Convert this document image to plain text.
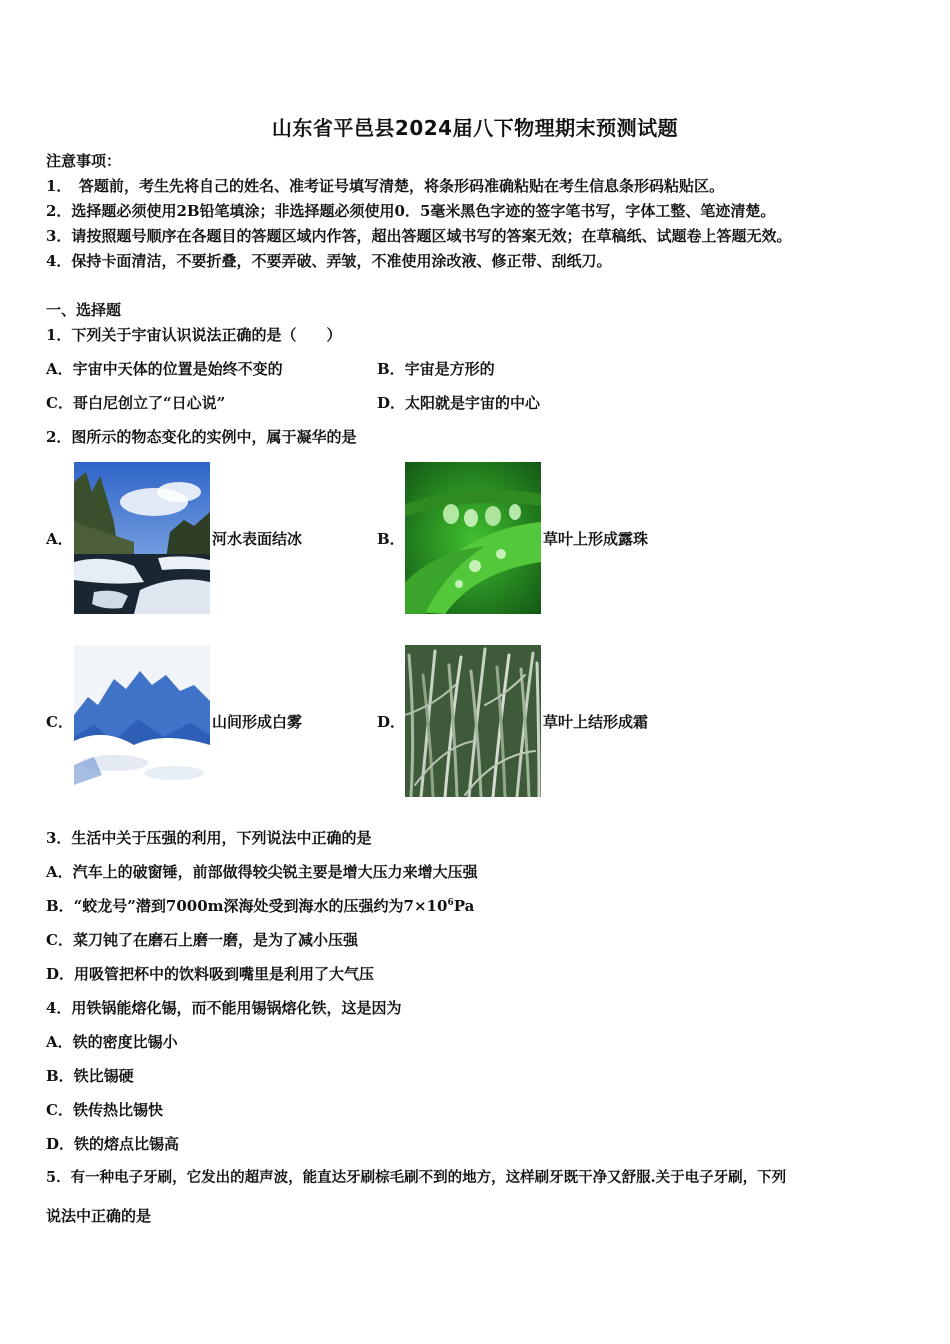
山东省平邑县2024届八下物理期末预测试题
注意事项：
1．　答题前，考生先将自己的姓名、准考证号填写清楚，将条形码准确粘贴在考生信息条形码粘贴区。
2．选择题必须使用2B铅笔填涂；非选择题必须使用0．5毫米黑色字迹的签字笔书写，字体工整、笔迹清楚。
3．请按照题号顺序在各题目的答题区域内作答，超出答题区域书写的答案无效；在草稿纸、试题卷上答题无效。
4．保持卡面清洁，不要折叠，不要弄破、弄皱，不准使用涂改液、修正带、刮纸刀。
一、选择题
1．下列关于宇宙认识说法正确的是（　　）
A．宇宙中天体的位置是始终不变的	B．宇宙是方形的
C．哥白尼创立了“日心说”	D．太阳就是宇宙的中心
2．图所示的物态变化的实例中，属于凝华的是
A．	河水表面结冰	B．	草叶上形成露珠
C．	山间形成白雾	D．	草叶上结形成霜
3．生活中关于压强的利用，下列说法中正确的是
A．汽车上的破窗锤，前部做得较尖锐主要是增大压力来增大压强
B．“蛟龙号”潜到7000m深海处受到海水的压强约为$7\times 10^6Pa$
C．菜刀钝了在磨石上磨一磨，是为了减小压强
D．用吸管把杯中的饮料吸到嘴里是利用了大气压
4．用铁锅能熔化锡，而不能用锡锅熔化铁，这是因为
A．铁的密度比锡小
B．铁比锡硬
C．铁传热比锡快
D．铁的熔点比锡高
5．有一种电子牙刷，它发出的超声波，能直达牙刷棕毛刷不到的地方，这样刷牙既干净又舒服.关于电子牙刷，下列
说法中正确的是
